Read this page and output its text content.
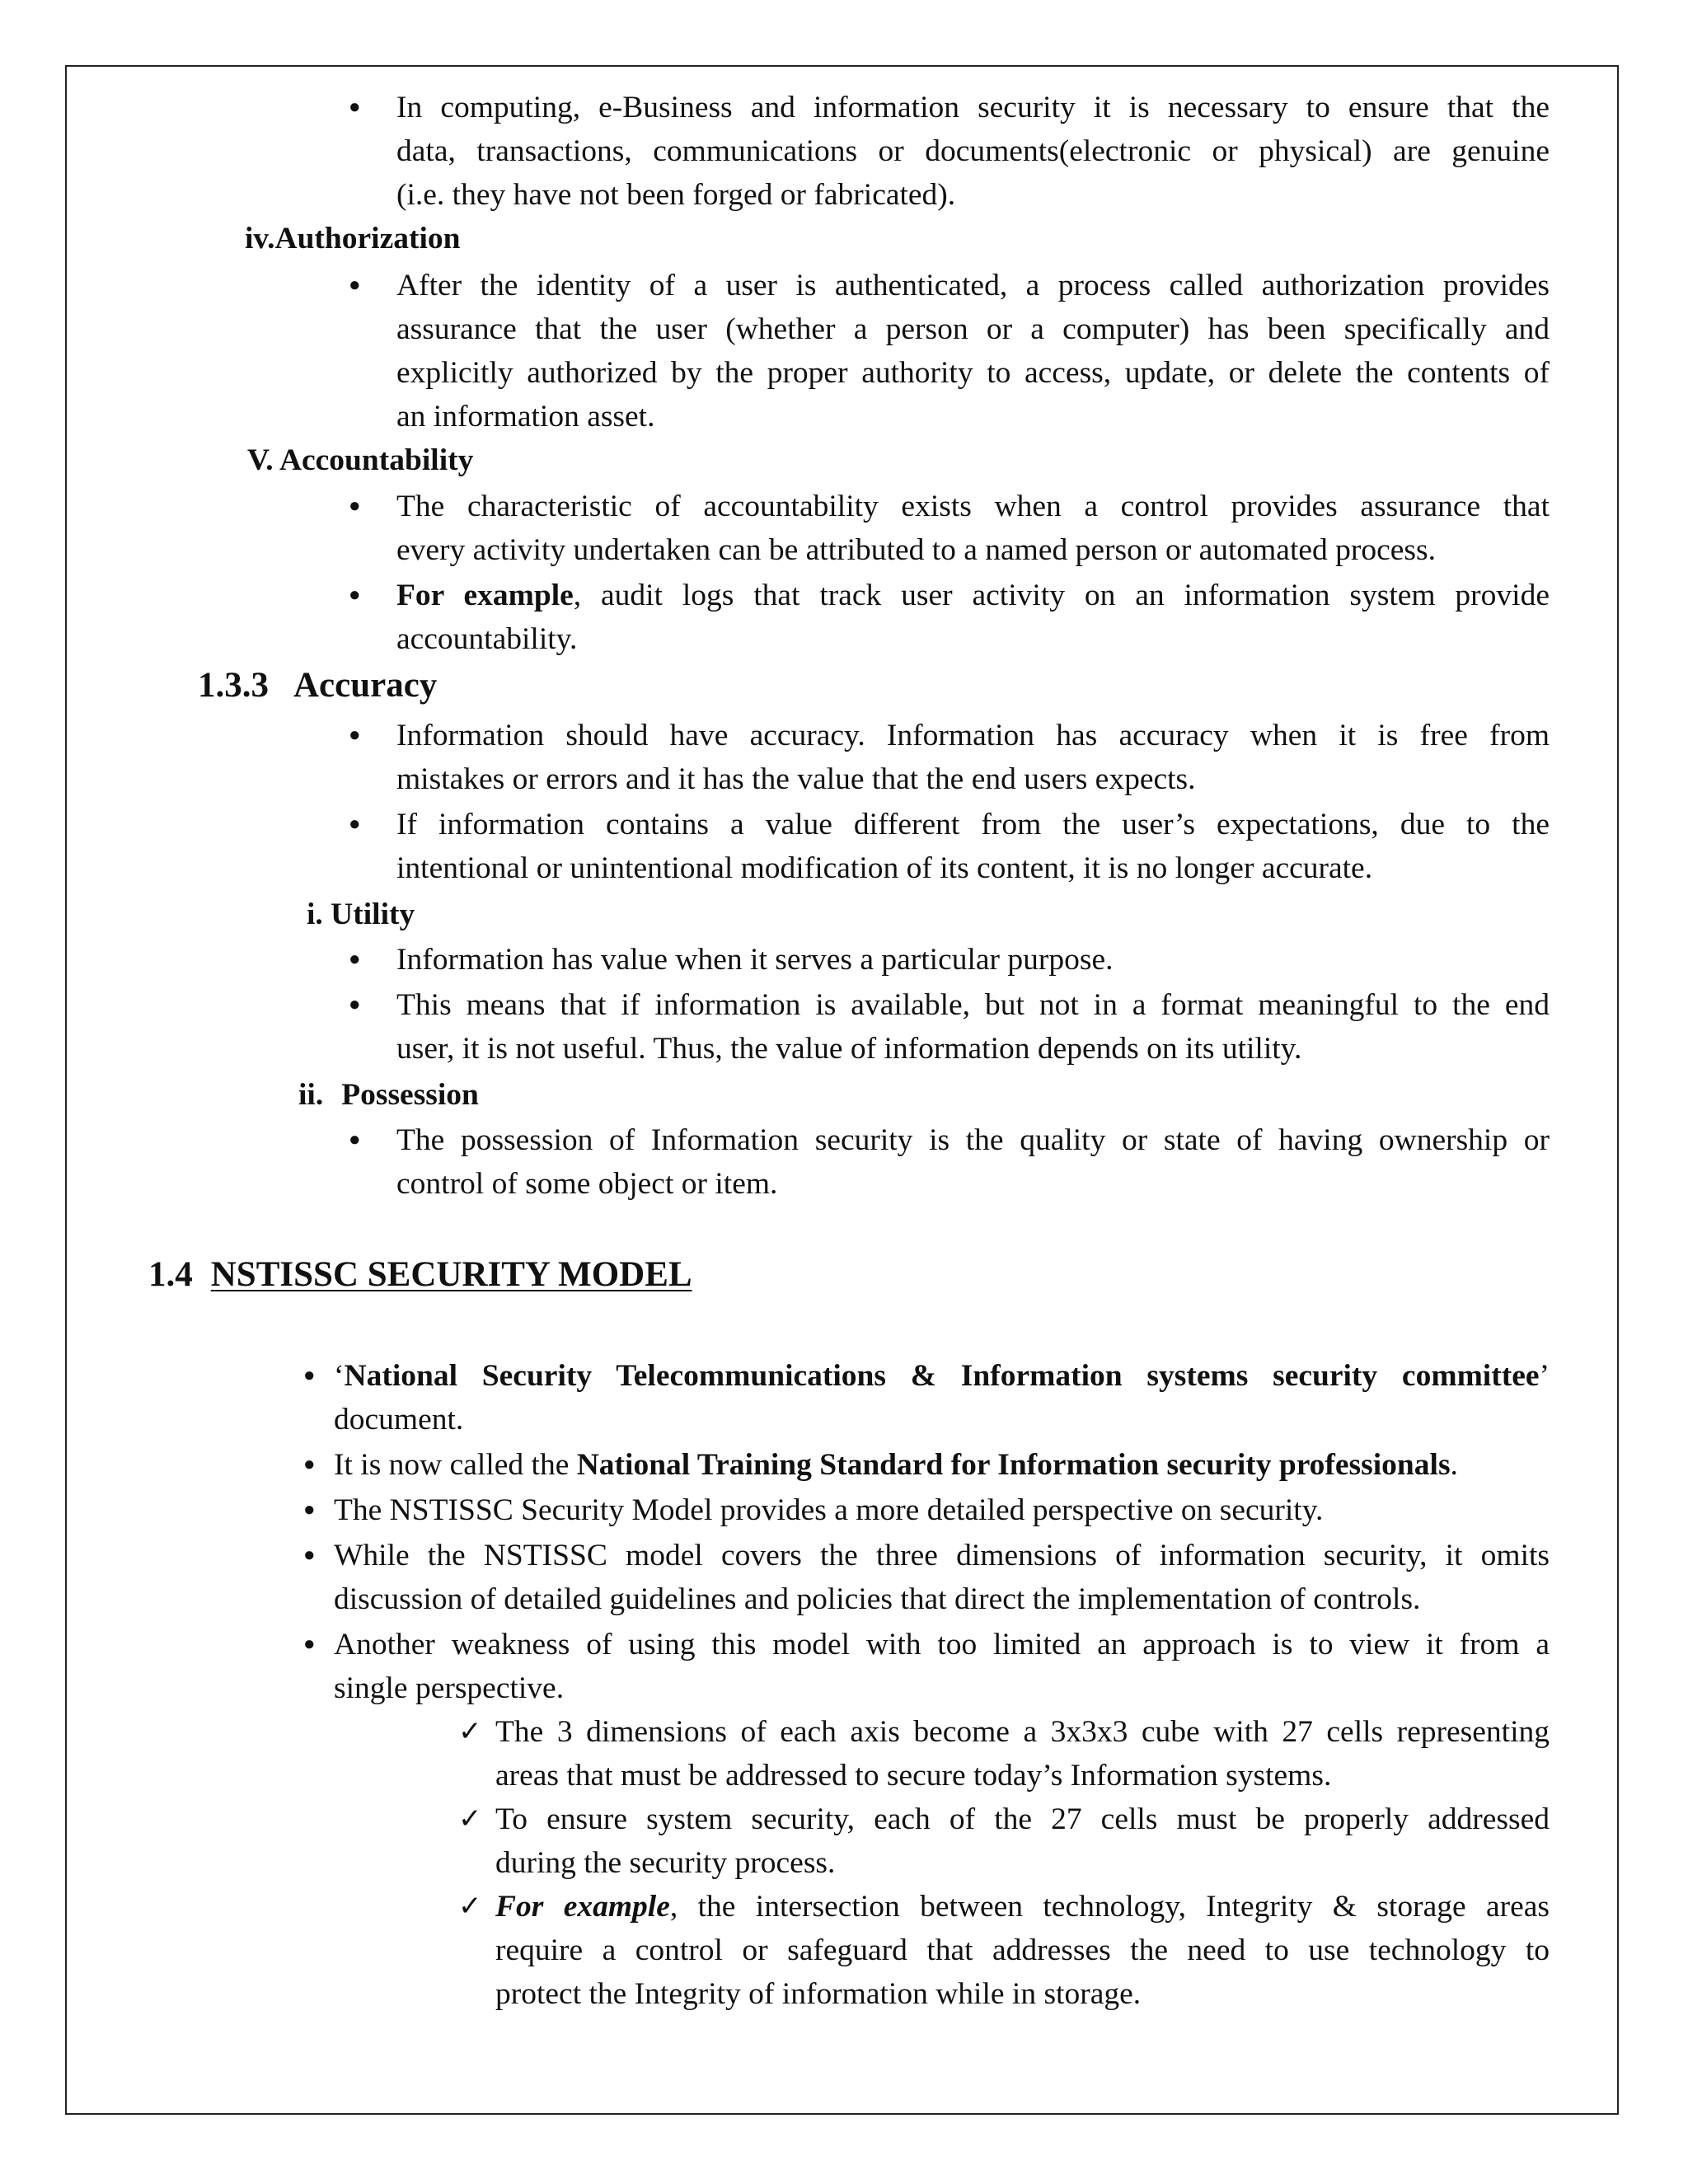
● In computing, e-Business and information security it is necessary to ensure that the
data, transactions, communications or documents(electronic or physical) are genuine
(i.e. they have not been forged or fabricated).
iv.Authorization
● After the identity of a user is authenticated, a process called authorization provides
assurance that the user (whether a person or a computer) has been specifically and
explicitly authorized by the proper authority to access, update, or delete the contents of
an information asset.
V. Accountability
● The characteristic of accountability exists when a control provides assurance that
every activity undertaken can be attributed to a named person or automated process.
● For example, audit logs that track user activity on an information system provide
accountability.
1.3.3 Accuracy
● Information should have accuracy. Information has accuracy when it is free from
mistakes or errors and it has the value that the end users expects.
● If information contains a value different from the user’s expectations, due to the
intentional or unintentional modification of its content, it is no longer accurate.
i. Utility
● Information has value when it serves a particular purpose.
● This means that if information is available, but not in a format meaningful to the end
user, it is not useful. Thus, the value of information depends on its utility.
ii. Possession
● The possession of Information security is the quality or state of having ownership or
control of some object or item.
1.4 NSTISSC SECURITY MODEL
● ‘National Security Telecommunications & Information systems security committee’
document.
● It is now called the National Training Standard for Information security professionals.
● The NSTISSC Security Model provides a more detailed perspective on security.
● While the NSTISSC model covers the three dimensions of information security, it omits
discussion of detailed guidelines and policies that direct the implementation of controls.
● Another weakness of using this model with too limited an approach is to view it from a
single perspective.
✓ The 3 dimensions of each axis become a 3x3x3 cube with 27 cells representing
areas that must be addressed to secure today’s Information systems.
✓ To ensure system security, each of the 27 cells must be properly addressed
during the security process.
✓ For example, the intersection between technology, Integrity & storage areas
require a control or safeguard that addresses the need to use technology to
protect the Integrity of information while in storage.
